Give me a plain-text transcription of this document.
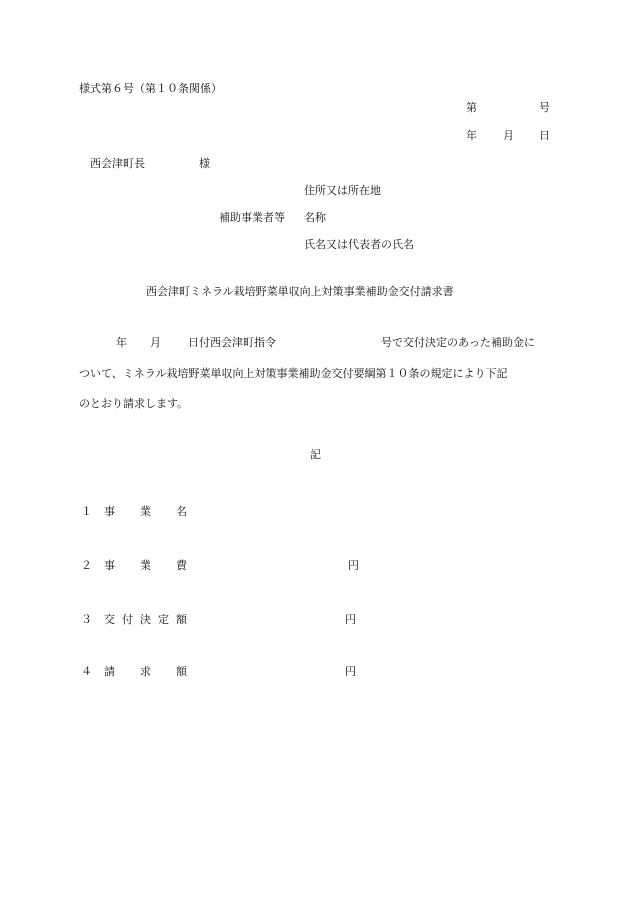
様式第６号（第１０条関係）
第	号
年 月 日
西会津町長	様
住所又は所在地
補助事業者等 名称
氏名又は代表者の氏名
西会津町ミネラル栽培野菜単収向上対策事業補助金交付請求書
年 月 日付西会津町指令	号で交付決定のあった補助金に
ついて、ミネラル栽培野菜単収向上対策事業補助金交付要綱第１０条の規定により下記
のとおり請求します。
記
１ 事 業 名
２ 事 業 費	円
３ 交 付 決 定 額	円
４ 請 求 額	円
